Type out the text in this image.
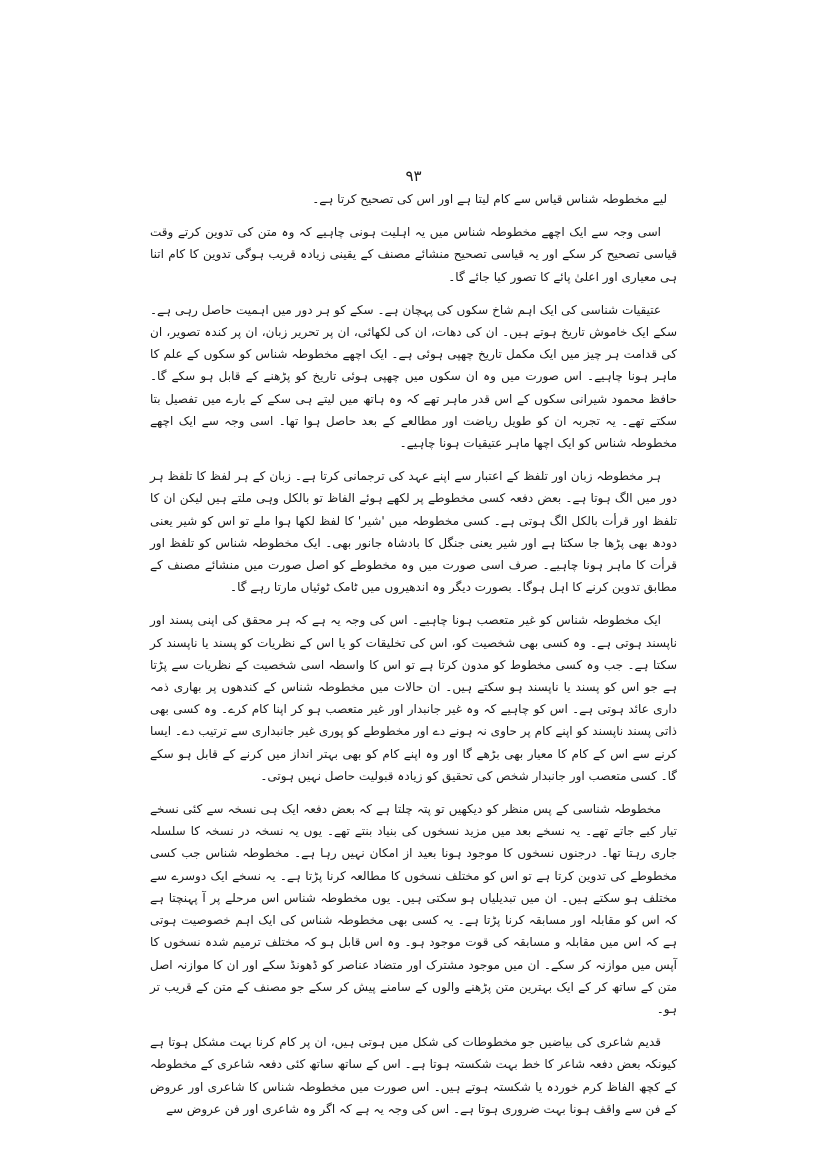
۹۳

لیے مخطوطہ شناس قیاس سے کام لیتا ہے اور اس کی تصحیح کرتا ہے۔

اسی وجہ سے ایک اچھے مخطوطہ شناس میں یہ اہلیت ہونی چاہیے کہ وہ متن کی تدوین کرتے وقت قیاسی تصحیح کر سکے اور یہ قیاسی تصحیح منشائے مصنف کے یقینی زیادہ قریب ہوگی تدوین کا کام اتنا ہی معیاری اور اعلیٰ پائے کا تصور کیا جائے گا۔

عتیقیات شناسی کی ایک اہم شاخ سکوں کی پہچان ہے۔ سکے کو ہر دور میں اہمیت حاصل رہی ہے۔ سکے ایک خاموش تاریخ ہوتے ہیں۔ ان کی دھات، ان کی لکھائی، ان پر تحریر زبان، ان پر کندہ تصویر، ان کی قدامت ہر چیز میں ایک مکمل تاریخ چھپی ہوئی ہے۔ ایک اچھے مخطوطہ شناس کو سکوں کے علم کا ماہر ہونا چاہیے۔ اس صورت میں وہ ان سکوں میں چھپی ہوئی تاریخ کو پڑھنے کے قابل ہو سکے گا۔ حافظ محمود شیرانی سکوں کے اس قدر ماہر تھے کہ وہ ہاتھ میں لیتے ہی سکے کے بارے میں تفصیل بتا سکتے تھے۔ یہ تجربہ ان کو طویل ریاضت اور مطالعے کے بعد حاصل ہوا تھا۔ اسی وجہ سے ایک اچھے مخطوطہ شناس کو ایک اچھا ماہر عتیقیات ہونا چاہیے۔

ہر مخطوطہ زبان اور تلفظ کے اعتبار سے اپنے عہد کی ترجمانی کرتا ہے۔ زبان کے ہر لفظ کا تلفظ ہر دور میں الگ ہوتا ہے۔ بعض دفعہ کسی مخطوطے پر لکھے ہوئے الفاظ تو بالکل وہی ملتے ہیں لیکن ان کا تلفظ اور قرأت بالکل الگ ہوتی ہے۔ کسی مخطوطہ میں 'شیر' کا لفظ لکھا ہوا ملے تو اس کو شیر یعنی دودھ بھی پڑھا جا سکتا ہے اور شیر یعنی جنگل کا بادشاہ جانور بھی۔ ایک مخطوطہ شناس کو تلفظ اور قرأت کا ماہر ہونا چاہیے۔ صرف اسی صورت میں وہ مخطوطے کو اصل صورت میں منشائے مصنف کے مطابق تدوین کرنے کا اہل ہوگا۔ بصورت دیگر وہ اندھیروں میں ٹامک ٹوئیاں مارتا رہے گا۔

ایک مخطوطہ شناس کو غیر متعصب ہونا چاہیے۔ اس کی وجہ یہ ہے کہ ہر محقق کی اپنی پسند اور ناپسند ہوتی ہے۔ وہ کسی بھی شخصیت کو، اس کی تخلیقات کو یا اس کے نظریات کو پسند یا ناپسند کر سکتا ہے۔ جب وہ کسی مخطوط کو مدون کرتا ہے تو اس کا واسطہ اسی شخصیت کے نظریات سے پڑتا ہے جو اس کو پسند یا ناپسند ہو سکتے ہیں۔ ان حالات میں مخطوطہ شناس کے کندھوں پر بھاری ذمہ داری عائد ہوتی ہے۔ اس کو چاہیے کہ وہ غیر جانبدار اور غیر متعصب ہو کر اپنا کام کرے۔ وہ کسی بھی ذاتی پسند ناپسند کو اپنے کام پر حاوی نہ ہونے دے اور مخطوطے کو پوری غیر جانبداری سے ترتیب دے۔ ایسا کرنے سے اس کے کام کا معیار بھی بڑھے گا اور وہ اپنے کام کو بھی بہتر انداز میں کرنے کے قابل ہو سکے گا۔ کسی متعصب اور جانبدار شخص کی تحقیق کو زیادہ قبولیت حاصل نہیں ہوتی۔

مخطوطہ شناسی کے پس منظر کو دیکھیں تو پتہ چلتا ہے کہ بعض دفعہ ایک ہی نسخہ سے کئی نسخے تیار کیے جاتے تھے۔ یہ نسخے بعد میں مزید نسخوں کی بنیاد بنتے تھے۔ یوں یہ نسخہ در نسخہ کا سلسلہ جاری رہتا تھا۔ درجنوں نسخوں کا موجود ہونا بعید از امکان نہیں رہا ہے۔ مخطوطہ شناس جب کسی مخطوطے کی تدوین کرتا ہے تو اس کو مختلف نسخوں کا مطالعہ کرنا پڑتا ہے۔ یہ نسخے ایک دوسرے سے مختلف ہو سکتے ہیں۔ ان میں تبدیلیاں ہو سکتی ہیں۔ یوں مخطوطہ شناس اس مرحلے پر آ پہنچتا ہے کہ اس کو مقابلہ اور مسابقہ کرنا پڑتا ہے۔ یہ کسی بھی مخطوطہ شناس کی ایک اہم خصوصیت ہوتی ہے کہ اس میں مقابلہ و مسابقہ کی قوت موجود ہو۔ وہ اس قابل ہو کہ مختلف ترمیم شدہ نسخوں کا آپس میں موازنہ کر سکے۔ ان میں موجود مشترک اور متضاد عناصر کو ڈھونڈ سکے اور ان کا موازنہ اصل متن کے ساتھ کر کے ایک بہترین متن پڑھنے والوں کے سامنے پیش کر سکے جو مصنف کے متن کے قریب تر ہو۔

قدیم شاعری کی بیاضیں جو مخطوطات کی شکل میں ہوتی ہیں، ان پر کام کرنا بہت مشکل ہوتا ہے کیونکہ بعض دفعہ شاعر کا خط بہت شکستہ ہوتا ہے۔ اس کے ساتھ ساتھ کئی دفعہ شاعری کے مخطوطہ کے کچھ الفاظ کرم خوردہ یا شکستہ ہوتے ہیں۔ اس صورت میں مخطوطہ شناس کا شاعری اور عروض کے فن سے واقف ہونا بہت ضروری ہوتا ہے۔ اس کی وجہ یہ ہے کہ اگر وہ شاعری اور فن عروض سے
